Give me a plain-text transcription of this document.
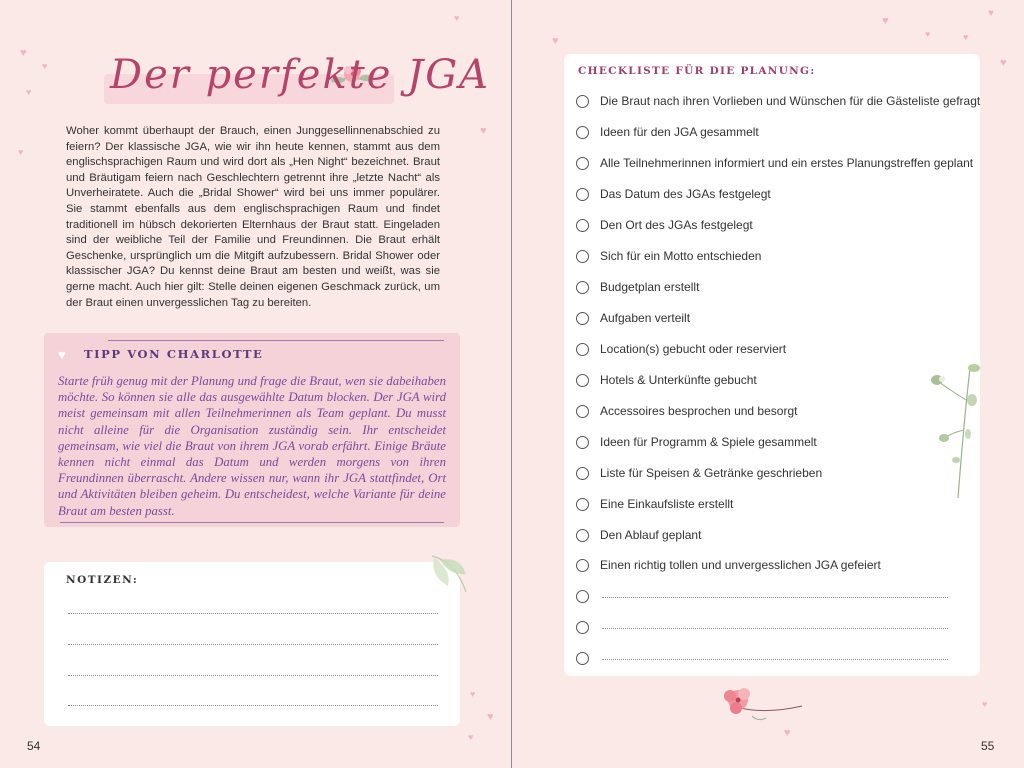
♥
♥
♥
♥
♥
♥
♥
♥
♥
Der perfekte JGA

Woher kommt überhaupt der Brauch, einen Junggesellinnenabschied zu feiern? Der klassische JGA, wie wir ihn heute kennen, stammt aus dem englischsprachigen Raum und wird dort als „Hen Night“ bezeichnet. Braut und Bräutigam feiern nach Geschlechtern getrennt ihre „letzte Nacht“ als Unverheiratete. Auch die „Bridal Shower“ wird bei uns immer populärer. Sie stammt ebenfalls aus dem englischsprachigen Raum und findet traditionell im hübsch dekorierten Elternhaus der Braut statt. Eingeladen sind der weibliche Teil der Familie und Freundinnen. Die Braut erhält Geschenke, ursprünglich um die Mitgift aufzubessern. Bridal Shower oder klassischer JGA? Du kennst deine Braut am besten und weißt, was sie gerne macht. Auch hier gilt: Stelle deinen eigenen Geschmack zurück, um der Braut einen unvergesslichen Tag zu bereiten.

♥ TIPP VON CHARLOTTE

Starte früh genug mit der Planung und frage die Braut, wen sie dabeihaben möchte. So können sie alle das ausgewählte Datum blocken. Der JGA wird meist gemeinsam mit allen Teilnehmerinnen als Team geplant. Du musst nicht alleine für die Organisation zuständig sein. Ihr entscheidet gemeinsam, wie viel die Braut von ihrem JGA vorab erfährt. Einige Bräute kennen nicht einmal das Datum und werden morgens von ihren Freundinnen überrascht. Andere wissen nur, wann ihr JGA stattfindet, Ort und Aktivitäten bleiben geheim. Du entscheidest, welche Variante für deine Braut am besten passt.

NOTIZEN:
54
♥
♥
♥	♥
♥
♥
♥
♥
CHECKLISTE FÜR DIE PLANUNG:
Die Braut nach ihren Vorlieben und Wünschen für die Gästeliste gefragt
Ideen für den JGA gesammelt
Alle Teilnehmerinnen informiert und ein erstes Planungstreffen geplant
Das Datum des JGAs festgelegt
Den Ort des JGAs festgelegt
Sich für ein Motto entschieden
Budgetplan erstellt
Aufgaben verteilt
Location(s) gebucht oder reserviert
Hotels & Unterkünfte gebucht
Accessoires besprochen und besorgt
Ideen für Programm & Spiele gesammelt
Liste für Speisen & Getränke geschrieben
Eine Einkaufsliste erstellt
Den Ablauf geplant
Einen richtig tollen und unvergesslichen JGA gefeiert
55
